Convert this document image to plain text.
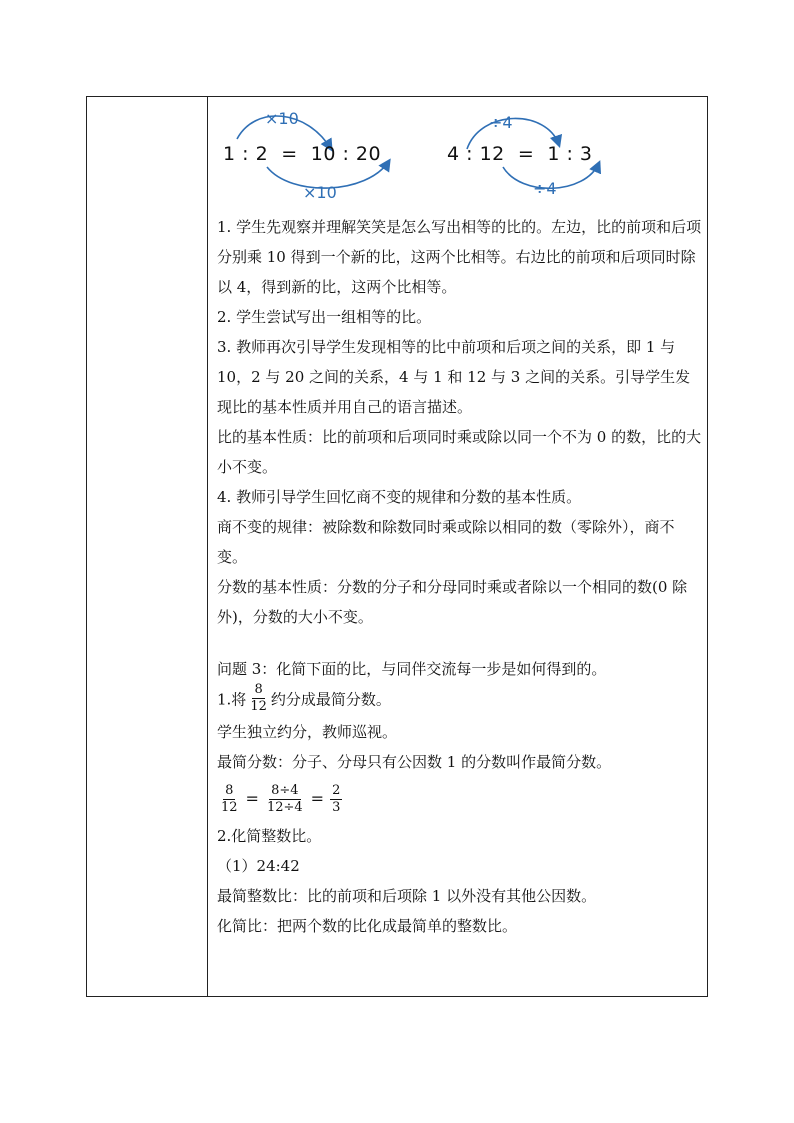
×10
1 : 2  =  10 : 20
×10
÷4
4 : 12  =  1 : 3
÷4

1. 学生先观察并理解笑笑是怎么写出相等的比的。左边，比的前项和后项分别乘 10 得到一个新的比，这两个比相等。右边比的前项和后项同时除以 4，得到新的比，这两个比相等。

2. 学生尝试写出一组相等的比。

3. 教师再次引导学生发现相等的比中前项和后项之间的关系，即 1 与 10，2 与 20 之间的关系，4 与 1 和 12 与 3 之间的关系。引导学生发现比的基本性质并用自己的语言描述。

比的基本性质：比的前项和后项同时乘或除以同一个不为 0 的数，比的大小不变。

4. 教师引导学生回忆商不变的规律和分数的基本性质。

商不变的规律：被除数和除数同时乘或除以相同的数（零除外），商不变。

分数的基本性质：分数的分子和分母同时乘或者除以一个相同的数(0 除外)，分数的大小不变。

问题 3：化简下面的比，与同伴交流每一步是如何得到的。

1.将 $\frac{8}{12}$ 约分成最简分数。

学生独立约分，教师巡视。

最简分数：分子、分母只有公因数 1 的分数叫作最简分数。

$\frac{8}{12} = \frac{8\div 4}{12\div 4} = \frac{2}{3}$

2.化简整数比。

（1）24:42

最简整数比：比的前项和后项除 1 以外没有其他公因数。

化简比：把两个数的比化成最简单的整数比。
